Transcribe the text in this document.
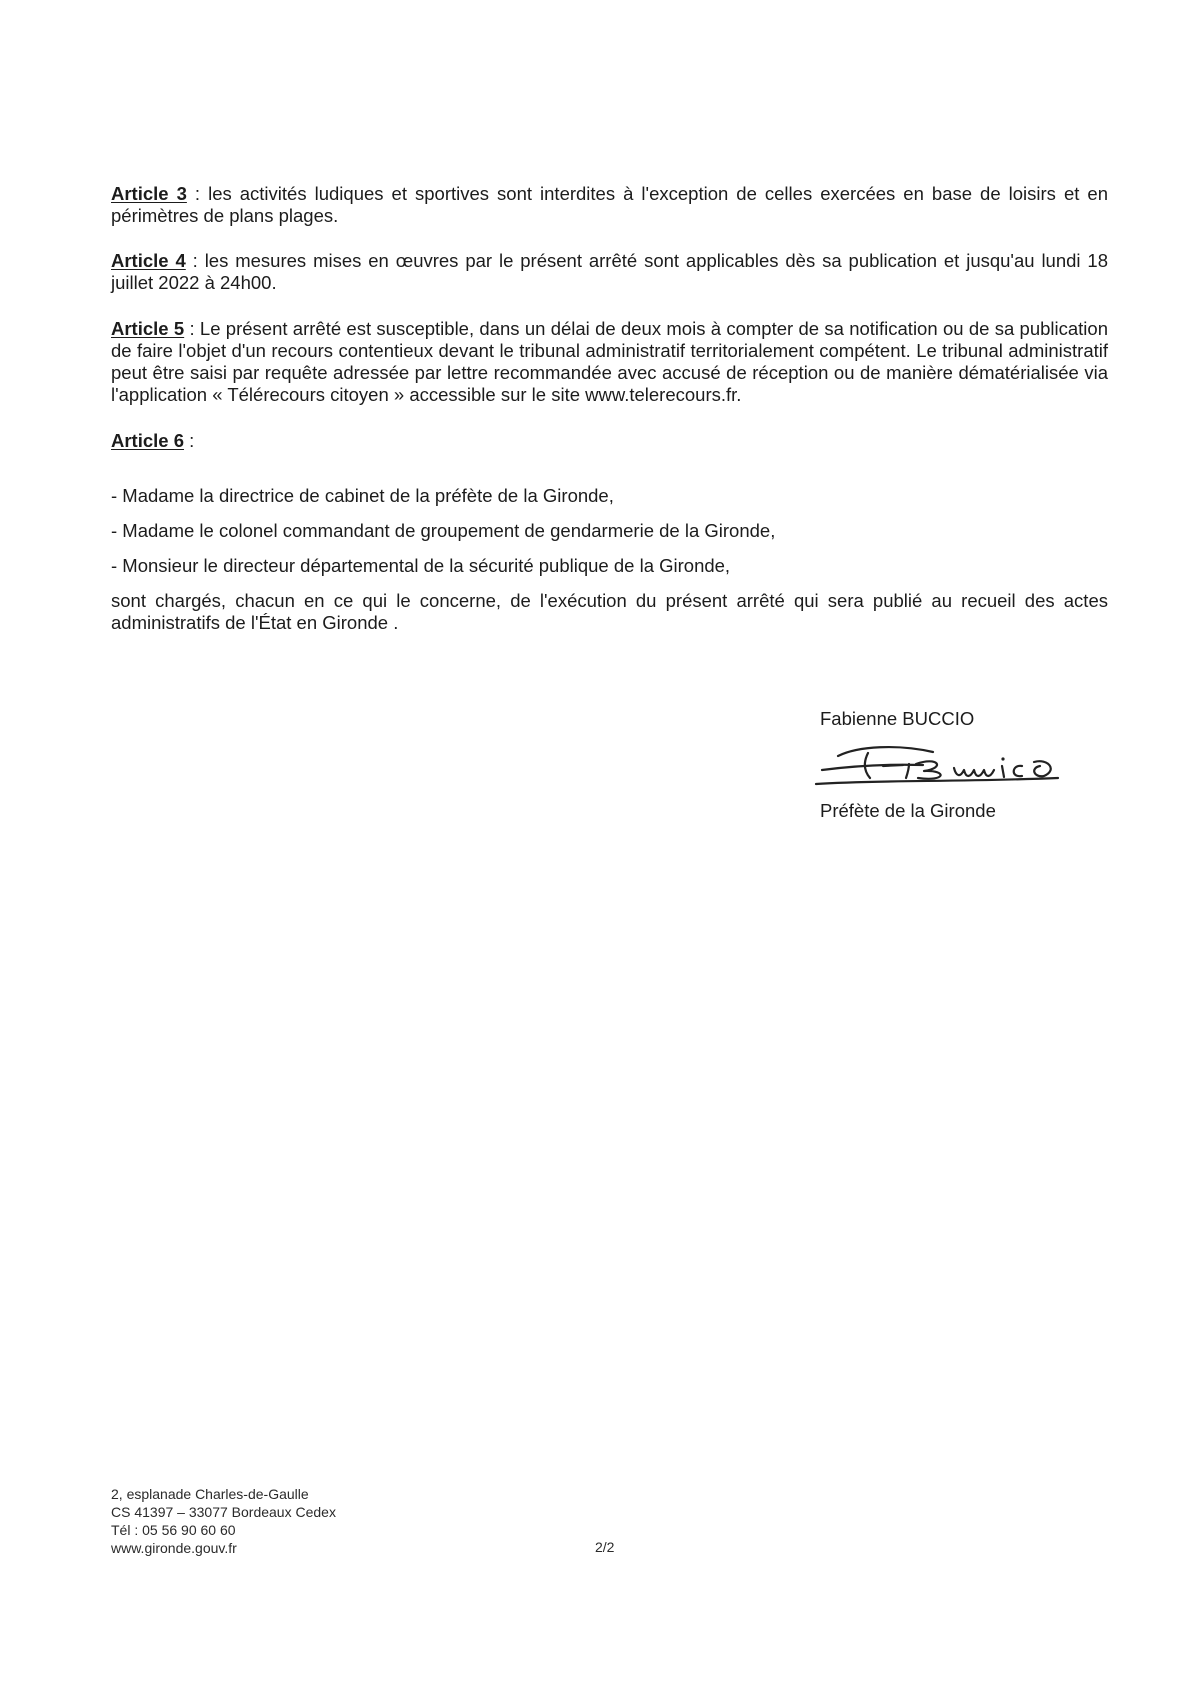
Article 3 : les activités ludiques et sportives sont interdites à l'exception de celles exercées en base de loisirs et en périmètres de plans plages.

Article 4 : les mesures mises en œuvres par le présent arrêté sont applicables dès sa publication et jusqu'au lundi 18 juillet 2022 à 24h00.

Article 5 : Le présent arrêté est susceptible, dans un délai de deux mois à compter de sa notification ou de sa publication de faire l'objet d'un recours contentieux devant le tribunal administratif territorialement compétent. Le tribunal administratif peut être saisi par requête adressée par lettre recommandée avec accusé de réception ou de manière dématérialisée via l'application « Télérecours citoyen » accessible sur le site www.telerecours.fr.

Article 6 :

- Madame la directrice de cabinet de la préfète de la Gironde,
- Madame le colonel commandant de groupement de gendarmerie de la Gironde,
- Monsieur le directeur départemental de la sécurité publique de la Gironde,

sont chargés, chacun en ce qui le concerne, de l'exécution du présent arrêté qui sera publié au recueil des actes administratifs de l'État en Gironde .

Fabienne BUCCIO
Préfète de la Gironde
2, esplanade Charles-de-Gaulle
CS 41397 – 33077 Bordeaux Cedex
Tél : 05 56 90 60 60
www.gironde.gouv.fr	2/2
